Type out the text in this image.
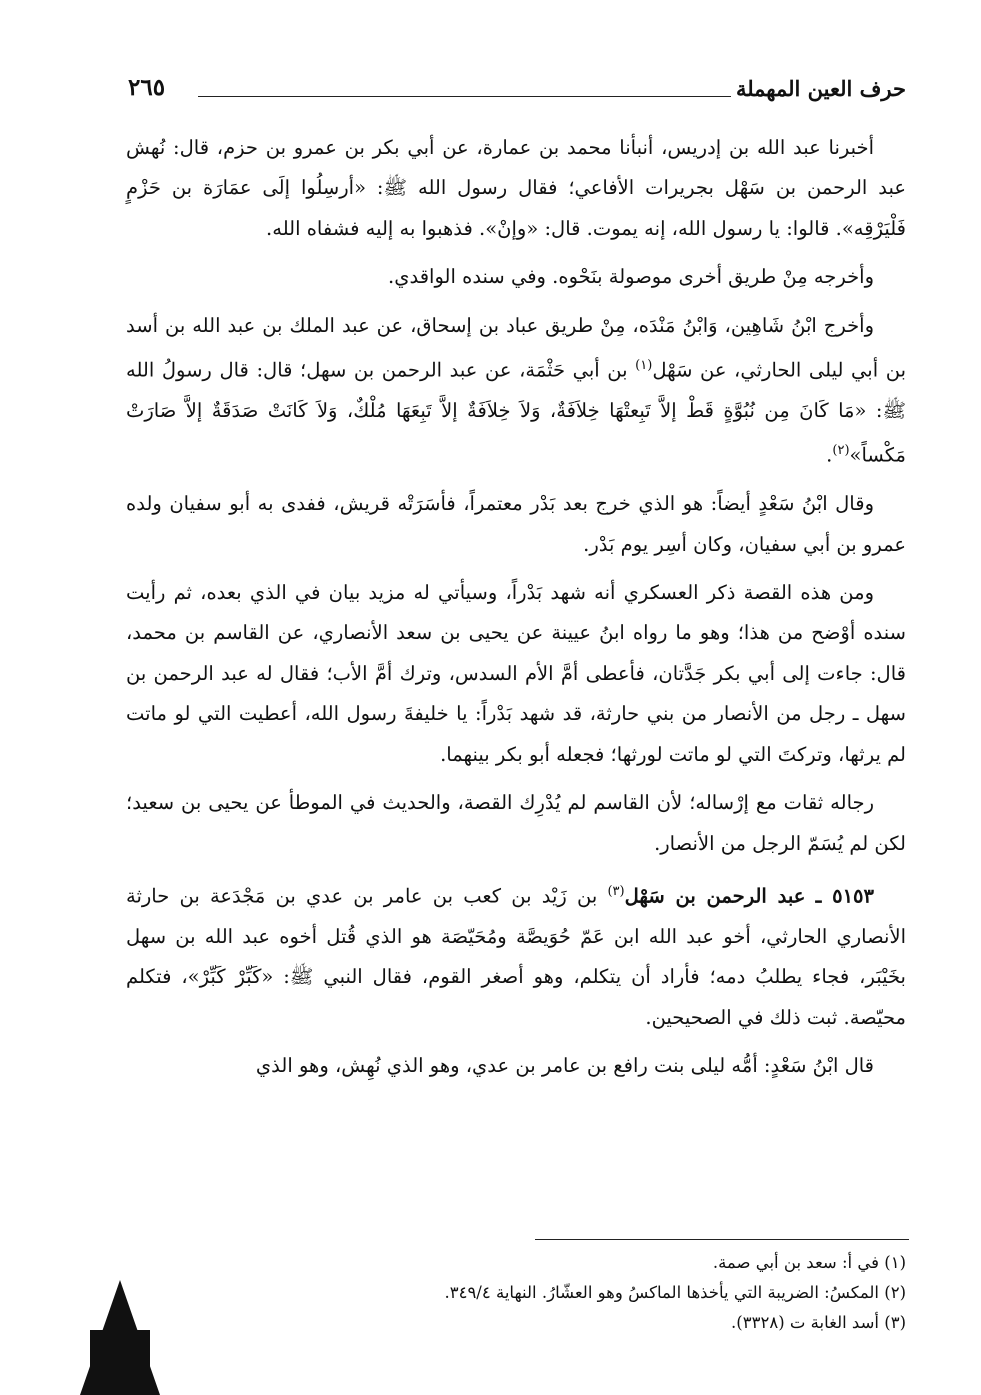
حرف العين المهملة
٢٦٥

أخبرنا عبد الله بن إدريس، أنبأنا محمد بن عمارة، عن أبي بكر بن عمرو بن حزم، قال: نُهش عبد الرحمن بن سَهْل بجريرات الأفاعي؛ فقال رسول الله ﷺ: «أرسِلُوا إلَى عمَارَة بن حَزْمٍ فَلْيَرْقِه». قالوا: يا رسول الله، إنه يموت. قال: «وإنْ». فذهبوا به إليه فشفاه الله.

وأخرجه مِنْ طريق أخرى موصولة بنَحْوه. وفي سنده الواقدي.

وأخرج ابْنُ شَاهِين، وَابْنُ مَنْدَه، مِنْ طريق عباد بن إسحاق، عن عبد الملك بن عبد الله بن أسد بن أبي ليلى الحارثي، عن سَهْل$^{(١)}$ بن أبي حَثْمَة، عن عبد الرحمن بن سهل؛ قال: قال رسولُ الله ﷺ: «مَا كَانَ مِن نُبُوَّةٍ قَطْ إلاَّ تَبِعتْهَا خِلاَفَةٌ، وَلاَ خِلاَفَةٌ إلاَّ تَبِعَهَا مُلْكٌ، وَلاَ كَانَتْ صَدَقَةٌ إلاَّ صَارَتْ مَكْساً»$^{(٢)}$.

وقال ابْنُ سَعْدٍ أيضاً: هو الذي خرج بعد بَدْر معتمراً، فأسَرَتْه قريش، ففدى به أبو سفيان ولده عمرو بن أبي سفيان، وكان أسِر يوم بَدْر.

ومن هذه القصة ذكر العسكري أنه شهد بَدْراً، وسيأتي له مزيد بيان في الذي بعده، ثم رأيت سنده أوْضح من هذا؛ وهو ما رواه ابنُ عيينة عن يحيى بن سعد الأنصاري، عن القاسم بن محمد، قال: جاءت إلى أبي بكر جَدَّتان، فأعطى أمَّ الأم السدس، وترك أمَّ الأب؛ فقال له عبد الرحمن بن سهل ـ رجل من الأنصار من بني حارثة، قد شهد بَدْراً: يا خليفةَ رسول الله، أعطيت التي لو ماتت لم يرثها، وتركتَ التي لو ماتت لورثها؛ فجعله أبو بكر بينهما.

رجاله ثقات مع إرْساله؛ لأن القاسم لم يُدْرِك القصة، والحديث في الموطأ عن يحيى بن سعيد؛ لكن لم يُسَمّ الرجل من الأنصار.

٥١٥٣ ـ عبد الرحمن بن سَهْل$^{(٣)}$ بن زَيْد بن كعب بن عامر بن عدي بن مَجْدَعة بن حارثة الأنصاري الحارثي، أخو عبد الله ابن عَمّ حُوَيصَّة ومُحَيّصَة هو الذي قُتل أخوه عبد الله بن سهل بخَيْبَر، فجاء يطلبُ دمه؛ فأراد أن يتكلم، وهو أصغر القوم، فقال النبي ﷺ: «كَبِّرْ كَبِّرْ»، فتكلم محيّصة. ثبت ذلك في الصحيحين.

قال ابْنُ سَعْدٍ: أمُّه ليلى بنت رافع بن عامر بن عدي، وهو الذي نُهِش، وهو الذي

(١) في أ: سعد بن أبي صمة.
(٢) المكسُ: الضريبة التي يأخذها الماكسُ وهو العشّارُ. النهاية ٣٤٩/٤.
(٣) أسد الغابة ت (٣٣٢٨).
